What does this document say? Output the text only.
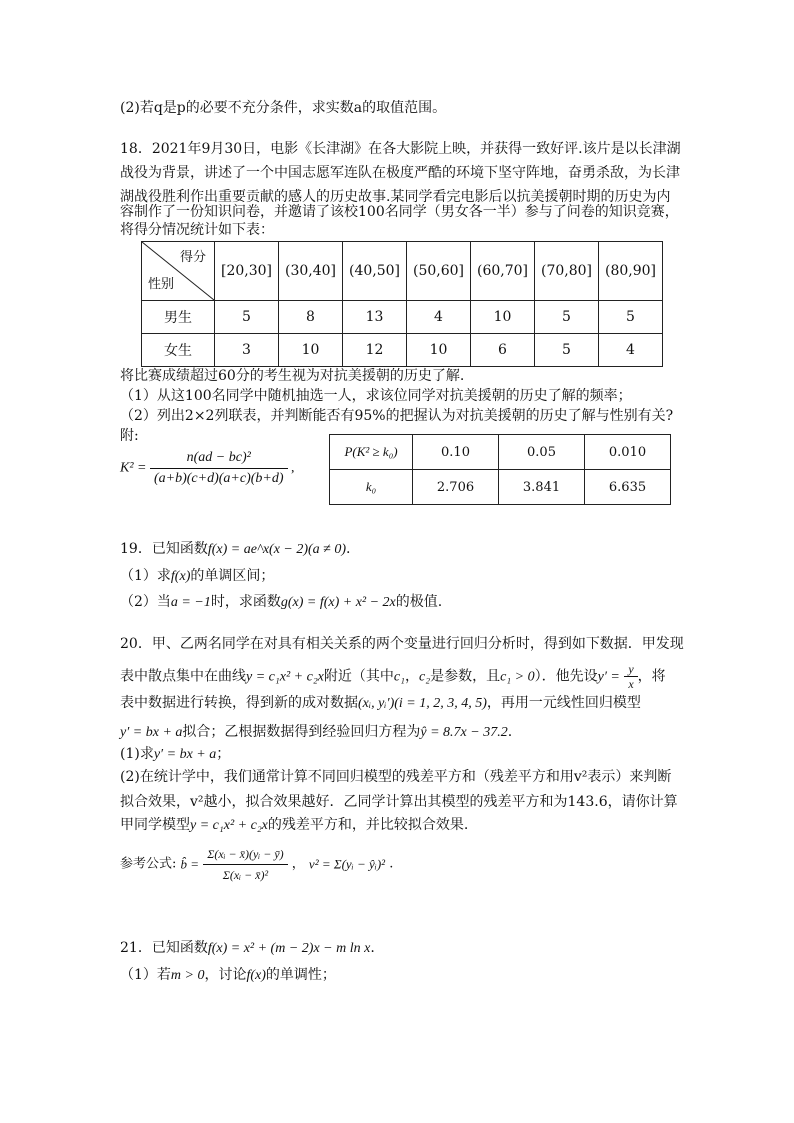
(2)若q是p的必要不充分条件，求实数a的取值范围。
18．2021年9月30日，电影《长津湖》在各大影院上映，并获得一致好评.该片是以长津湖
战役为背景，讲述了一个中国志愿军连队在极度严酷的环境下坚守阵地，奋勇杀敌，为长津
湖战役胜利作出重要贡献的感人的历史故事.某同学看完电影后以抗美援朝时期的历史为内
容制作了一份知识问卷，并邀请了该校100名同学（男女各一半）参与了问卷的知识竞赛，
将得分情况统计如下表：
得分
性别	[20,30]	(30,40]	(40,50]	(50,60]	(60,70]	(70,80]	(80,90]
男生	5	8	13	4	10	5	5
女生	3	10	12	10	6	5	4
将比赛成绩超过60分的考生视为对抗美援朝的历史了解.
（1）从这100名同学中随机抽选一人，求该位同学对抗美援朝的历史了解的频率；
（2）列出2×2列联表，并判断能否有95%的把握认为对抗美援朝的历史了解与性别有关?
附:
$K^2 = \frac{\text{n(ad − bc)²}}{(a+b)(c+d)(a+c)(b+d)}$ ,
P(K² ≥ k₀)	0.10	0.05	0.010
k₀	2.706	3.841	6.635
19．已知函数f(x) = ae^x(x − 2)(a ≠ 0).
（1）求f(x)的单调区间；
（2）当a = −1时，求函数g(x) = f(x) + x² − 2x的极值.
20．甲、乙两名同学在对具有相关关系的两个变量进行回归分析时，得到如下数据．甲发现
表中散点集中在曲线y = c₁x² + c₂x附近（其中c₁，c₂是参数，且c₁ > 0）．他先设$y' = \frac{y}{x}$ ，将
表中数据进行转换，得到新的成对数据(xᵢ, yᵢ′)(i = 1, 2, 3, 4, 5)，再用一元线性回归模型
y′ = bx + a拟合；乙根据数据得到经验回归方程为ŷ = 8.7x − 37.2.
(1)求y′ = bx + a；
(2)在统计学中，我们通常计算不同回归模型的残差平方和（残差平方和用v²表示）来判断
拟合效果，v²越小，拟合效果越好．乙同学计算出其模型的残差平方和为143.6，请你计算
甲同学模型y = c₁x² + c₂x的残差平方和，并比较拟合效果.
参考公式: b̂ = $\frac{\text{Σ(xᵢ − x̄)(yᵢ − ȳ)}}{\text{Σ(xᵢ − x̄)²}}$ ， v² = Σ(yᵢ − ŷᵢ)² .
21．已知函数f(x) = x² + (m − 2)x − m ln x.
（1）若m > 0，讨论f(x)的单调性；
